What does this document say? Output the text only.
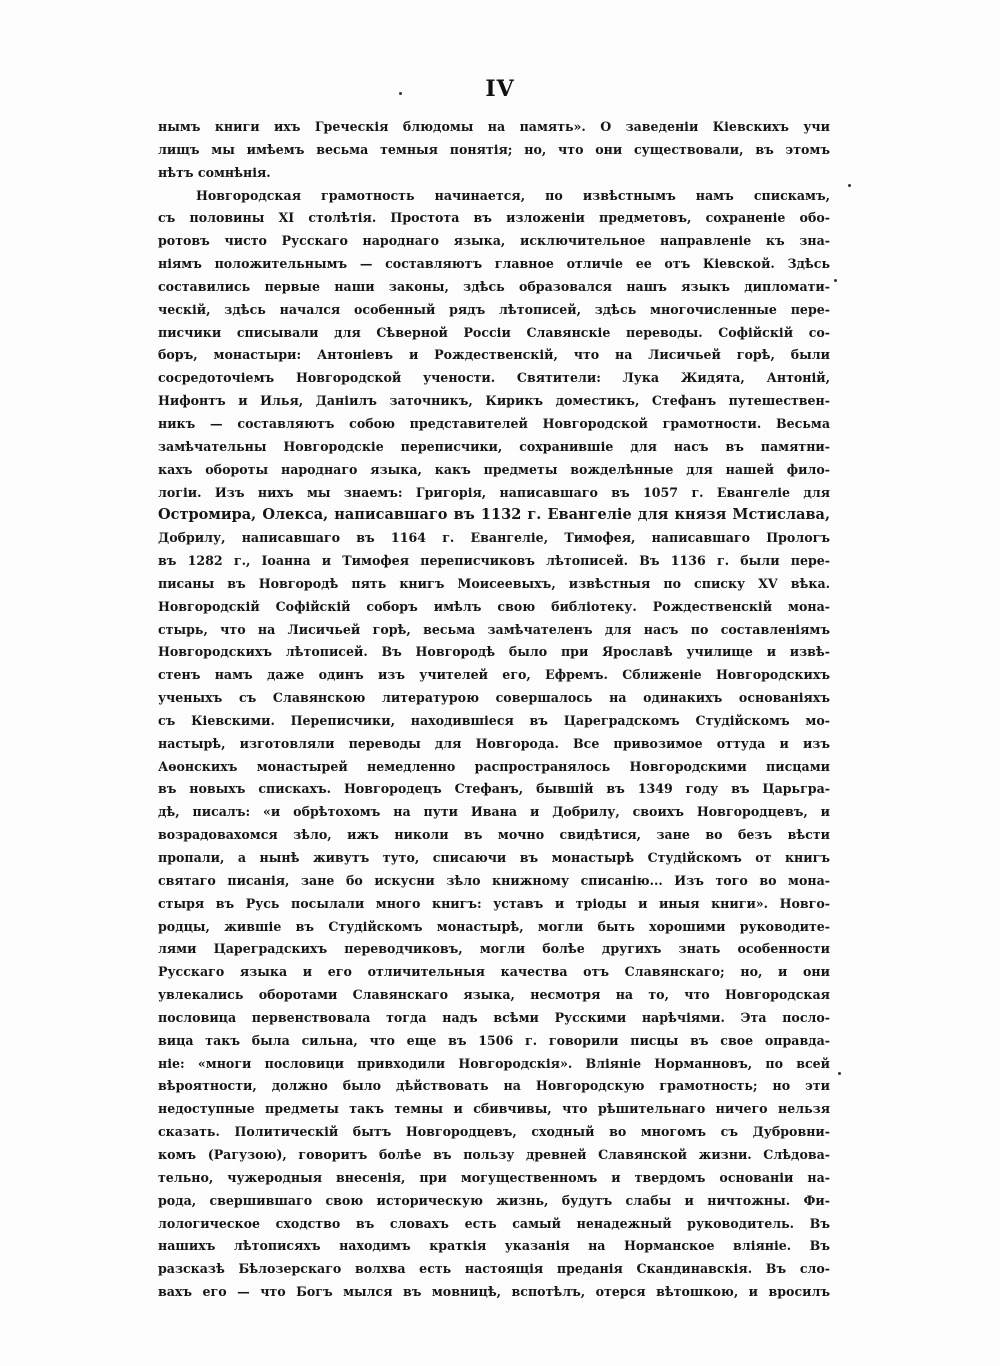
IV
нымъ книги ихъ Греческія блюдомы на память». О заведеніи Кіевскихъ учи
лищъ мы имѣемъ весьма темныя понятія; но, что они существовали, въ этомъ
нѣтъ сомнѣнія.
Новгородская грамотность начинается, по извѣстнымъ намъ спискамъ,
съ половины XI столѣтія. Простота въ изложеніи предметовъ, сохраненіе обо-
ротовъ чисто Русскаго народнаго языка, исключительное направленіе къ зна-
ніямъ положительнымъ — составляютъ главное отличіе ее отъ Кіевской. Здѣсь
составились первые наши законы, здѣсь образовался нашъ языкъ дипломати-
ческій, здѣсь начался особенный рядъ лѣтописей, здѣсь многочисленные пере-
писчики списывали для Сѣверной Россіи Славянскіе переводы. Софійскій со-
боръ, монастыри: Антоніевъ и Рождественскій, что на Лисичьей горѣ, были
сосредоточіемъ Новгородской учености. Святители: Лука Жидята, Антоній,
Нифонтъ и Илья, Даніилъ заточникъ, Кирикъ доместикъ, Стефанъ путешествен-
никъ — составляютъ собою представителей Новгородской грамотности. Весьма
замѣчательны Новгородскіе переписчики, сохранившіе для насъ въ памятни-
кахъ обороты народнаго языка, какъ предметы вожделѣнные для нашей фило-
логіи. Изъ нихъ мы знаемъ: Григорія, написавшаго въ 1057 г. Евангеліе для
Остромира, Олекса, написавшаго въ 1132 г. Евангеліе для князя Мстислава,
Добрилу, написавшаго въ 1164 г. Евангеліе, Тимофея, написавшаго Прологъ
въ 1282 г., Іоанна и Тимофея переписчиковъ лѣтописей. Въ 1136 г. были пере-
писаны въ Новгородѣ пять книгъ Моисеевыхъ, извѣстныя по списку XV вѣка.
Новгородскій Софійскій соборъ имѣлъ свою библіотеку. Рождественскій мона-
стырь, что на Лисичьей горѣ, весьма замѣчателенъ для насъ по составленіямъ
Новгородскихъ лѣтописей. Въ Новгородѣ было при Ярославѣ училище и извѣ-
стенъ намъ даже одинъ изъ учителей его, Ефремъ. Сближеніе Новгородскихъ
ученыхъ съ Славянскою литературою совершалось на одинакихъ основаніяхъ
съ Кіевскими. Переписчики, находившіеся въ Цареградскомъ Студійскомъ мо-
настырѣ, изготовляли переводы для Новгорода. Все привозимое оттуда и изъ
Аѳонскихъ монастырей немедленно распространялось Новгородскими писцами
въ новыхъ спискахъ. Новгородецъ Стефанъ, бывшій въ 1349 году въ Царьгра-
дѣ, писалъ: «и обрѣтохомъ на пути Ивана и Добрилу, своихъ Новгородцевъ, и
возрадовахомся зѣло, ижъ николи въ мочно свидѣтися, зане во безъ вѣсти
пропали, а нынѣ живутъ тутo, списаючи въ монастырѣ Студійскомъ от книгъ
святаго писанія, зане бо искусни зѣло книжному списанію... Изъ того во мона-
стыря въ Русь посылали много книгъ: уставъ и тріоды и иныя книги». Новго-
родцы, жившіе въ Студійскомъ монастырѣ, могли быть хорошими руководите-
лями Цареградскихъ переводчиковъ, могли болѣе другихъ знать особенности
Русскаго языка и его отличительныя качества отъ Славянскаго; но, и они
увлекались оборотами Славянскаго языка, несмотря на то, что Новгородская
пословица первенствовала тогда надъ всѣми Русскими нарѣчіями. Эта посло-
вица такъ была сильна, что еще въ 1506 г. говорили писцы въ свое оправда-
ніе: «многи пословици привходили Новгородскія». Вліяніе Норманновъ, по всей
вѣроятности, должно было дѣйствовать на Новгородскую грамотность; но эти
недоступные предметы такъ темны и сбивчивы, что рѣшительнаго ничего нельзя
сказать. Политическій бытъ Новгородцевъ, сходный во многомъ съ Дубровни-
комъ (Рагузою), говоритъ болѣе въ пользу древней Славянской жизни. Слѣдова-
тельно, чужеродныя внесенія, при могущественномъ и твердомъ основаніи на-
рода, свершившаго свою историческую жизнь, будутъ слабы и ничтожны. Фи-
лологическое сходство въ словахъ есть самый ненадежный руководитель. Въ
нашихъ лѣтописяхъ находимъ краткія указанія на Норманское вліяніе. Въ
разсказѣ Бѣлозерскаго волхва есть настоящія преданія Скандинавскія. Въ сло-
вахъ его — что Богъ мылся въ мовницѣ, вспотѣлъ, отерся вѣтошкою, и вросилъ
